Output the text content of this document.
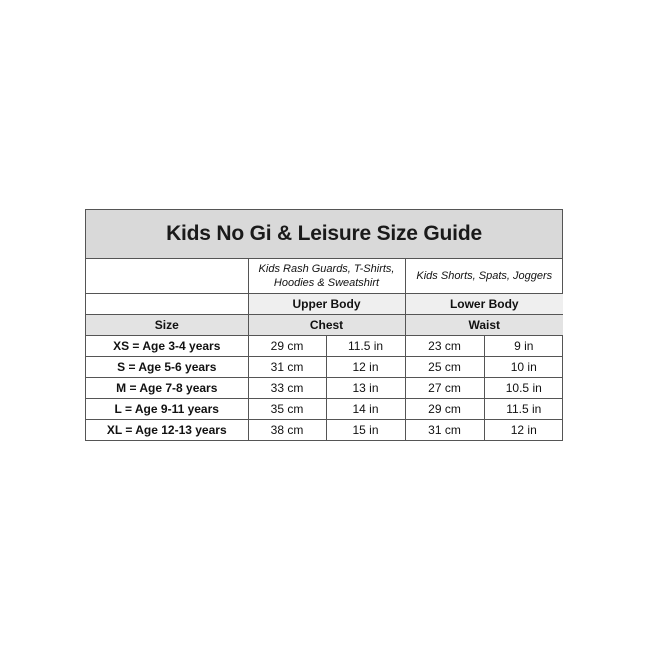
Kids No Gi & Leisure Size Guide
	Kids Rash Guards, T-Shirts, Hoodies & Sweatshirt		Kids Shorts, Spats, Joggers	
	Upper Body		Lower Body	
Size	Chest		Waist	
XS = Age 3-4 years	29 cm	11.5 in	23 cm	9 in
S = Age 5-6 years	31 cm	12 in	25 cm	10 in
M = Age 7-8 years	33 cm	13 in	27 cm	10.5 in
L = Age 9-11 years	35 cm	14 in	29 cm	11.5 in
XL = Age 12-13 years	38 cm	15 in	31 cm	12 in
